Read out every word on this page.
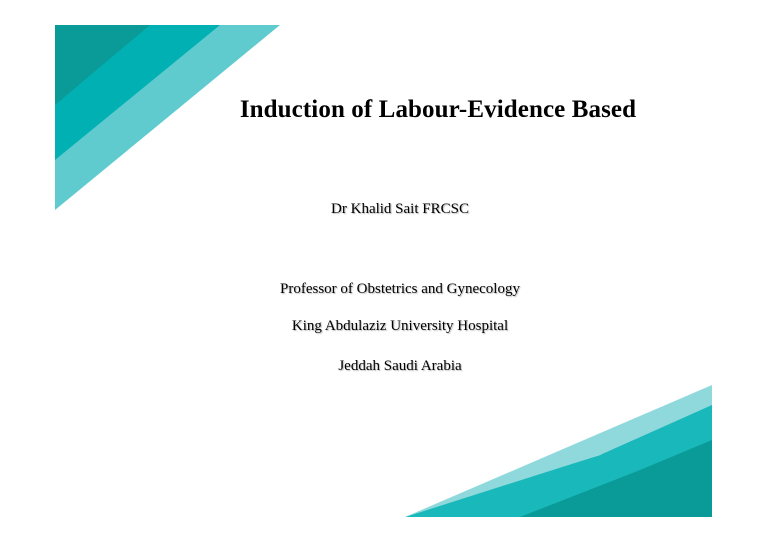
Induction of Labour-Evidence Based
Dr Khalid Sait FRCSC
Professor of Obstetrics and Gynecology
King Abdulaziz University Hospital
Jeddah Saudi Arabia
